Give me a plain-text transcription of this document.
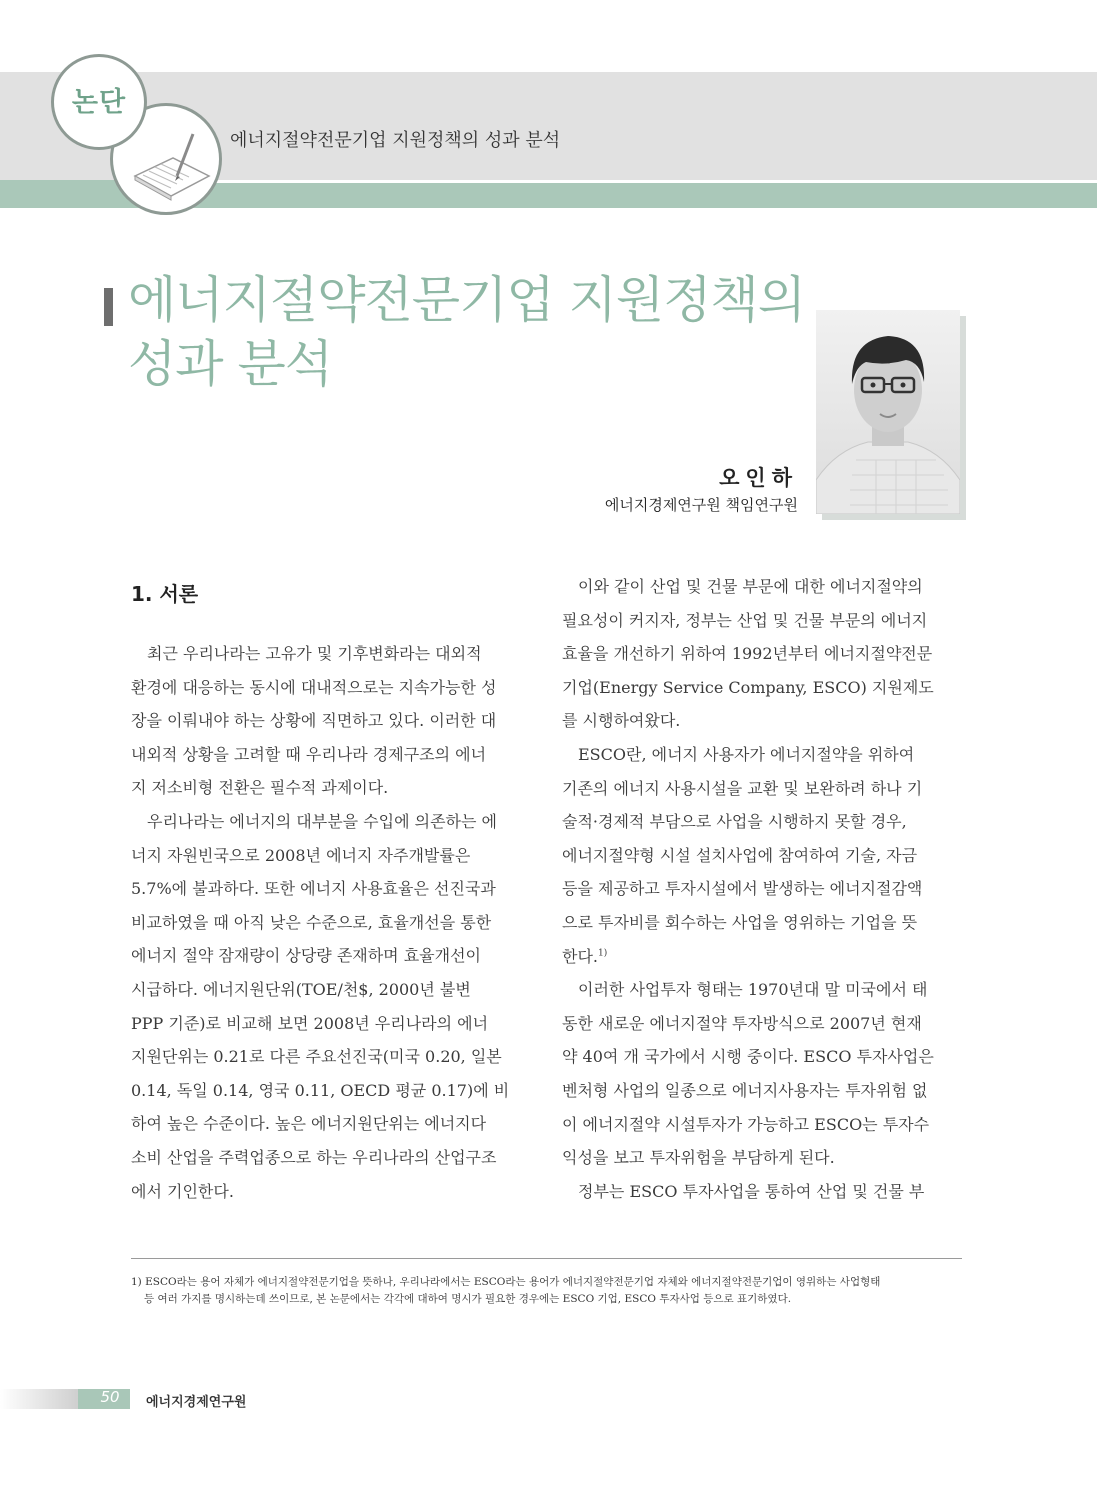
논단
에너지절약전문기업 지원정책의 성과 분석
에너지절약전문기업 지원정책의
성과 분석
오인하
에너지경제연구원 책임연구원
1. 서론
최근 우리나라는 고유가 및 기후변화라는 대외적
환경에 대응하는 동시에 대내적으로는 지속가능한 성
장을 이뤄내야 하는 상황에 직면하고 있다. 이러한 대
내외적 상황을 고려할 때 우리나라 경제구조의 에너
지 저소비형 전환은 필수적 과제이다.
우리나라는 에너지의 대부분을 수입에 의존하는 에
너지 자원빈국으로 2008년 에너지 자주개발률은
5.7%에 불과하다. 또한 에너지 사용효율은 선진국과
비교하였을 때 아직 낮은 수준으로, 효율개선을 통한
에너지 절약 잠재량이 상당량 존재하며 효율개선이
시급하다. 에너지원단위(TOE/천$, 2000년 불변
PPP 기준)로 비교해 보면 2008년 우리나라의 에너
지원단위는 0.21로 다른 주요선진국(미국 0.20, 일본
0.14, 독일 0.14, 영국 0.11, OECD 평균 0.17)에 비
하여 높은 수준이다. 높은 에너지원단위는 에너지다
소비 산업을 주력업종으로 하는 우리나라의 산업구조
에서 기인한다.
이와 같이 산업 및 건물 부문에 대한 에너지절약의
필요성이 커지자, 정부는 산업 및 건물 부문의 에너지
효율을 개선하기 위하여 1992년부터 에너지절약전문
기업(Energy Service Company, ESCO) 지원제도
를 시행하여왔다.
ESCO란, 에너지 사용자가 에너지절약을 위하여
기존의 에너지 사용시설을 교환 및 보완하려 하나 기
술적·경제적 부담으로 사업을 시행하지 못할 경우,
에너지절약형 시설 설치사업에 참여하여 기술, 자금
등을 제공하고 투자시설에서 발생하는 에너지절감액
으로 투자비를 회수하는 사업을 영위하는 기업을 뜻
한다.$^{1)}$
이러한 사업투자 형태는 1970년대 말 미국에서 태
동한 새로운 에너지절약 투자방식으로 2007년 현재
약 40여 개 국가에서 시행 중이다. ESCO 투자사업은
벤처형 사업의 일종으로 에너지사용자는 투자위험 없
이 에너지절약 시설투자가 가능하고 ESCO는 투자수
익성을 보고 투자위험을 부담하게 된다.
정부는 ESCO 투자사업을 통하여 산업 및 건물 부
1) ESCO라는 용어 자체가 에너지절약전문기업을 뜻하나, 우리나라에서는 ESCO라는 용어가 에너지절약전문기업 자체와 에너지절약전문기업이 영위하는 사업형태
등 여러 가지를 명시하는데 쓰이므로, 본 논문에서는 각각에 대하여 명시가 필요한 경우에는 ESCO 기업, ESCO 투자사업 등으로 표기하였다.
50	에너지경제연구원
